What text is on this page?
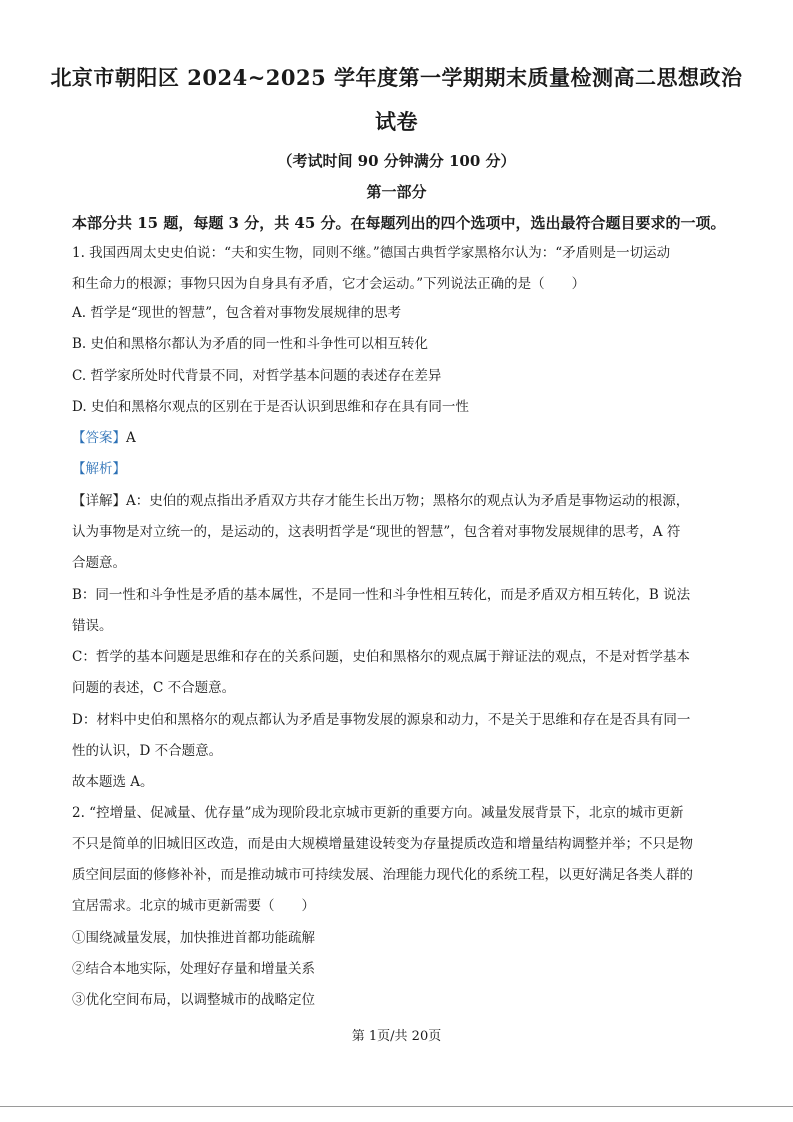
北京市朝阳区 2024~2025 学年度第一学期期末质量检测高二思想政治
试卷
（考试时间 90 分钟满分 100 分）
第一部分
本部分共 15 题，每题 3 分，共 45 分。在每题列出的四个选项中，选出最符合题目要求的一项。
1. 我国西周太史史伯说：“夫和实生物，同则不继。”德国古典哲学家黑格尔认为：“矛盾则是一切运动
和生命力的根源；事物只因为自身具有矛盾，它才会运动。”下列说法正确的是（　　）
A. 哲学是“现世的智慧”，包含着对事物发展规律的思考
B. 史伯和黑格尔都认为矛盾的同一性和斗争性可以相互转化
C. 哲学家所处时代背景不同，对哲学基本问题的表述存在差异
D. 史伯和黑格尔观点的区别在于是否认识到思维和存在具有同一性
【答案】A
【解析】
【详解】A：史伯的观点指出矛盾双方共存才能生长出万物；黑格尔的观点认为矛盾是事物运动的根源，
认为事物是对立统一的，是运动的，这表明哲学是“现世的智慧”，包含着对事物发展规律的思考，A 符
合题意。
B：同一性和斗争性是矛盾的基本属性，不是同一性和斗争性相互转化，而是矛盾双方相互转化，B 说法
错误。
C：哲学的基本问题是思维和存在的关系问题，史伯和黑格尔的观点属于辩证法的观点，不是对哲学基本
问题的表述，C 不合题意。
D：材料中史伯和黑格尔的观点都认为矛盾是事物发展的源泉和动力，不是关于思维和存在是否具有同一
性的认识，D 不合题意。
故本题选 A。
2. “控增量、促减量、优存量”成为现阶段北京城市更新的重要方向。减量发展背景下，北京的城市更新
不只是简单的旧城旧区改造，而是由大规模增量建设转变为存量提质改造和增量结构调整并举；不只是物
质空间层面的修修补补，而是推动城市可持续发展、治理能力现代化的系统工程，以更好满足各类人群的
宜居需求。北京的城市更新需要（　　）
①围绕减量发展，加快推进首都功能疏解
②结合本地实际，处理好存量和增量关系
③优化空间布局，以调整城市的战略定位
第 1页/共 20页
